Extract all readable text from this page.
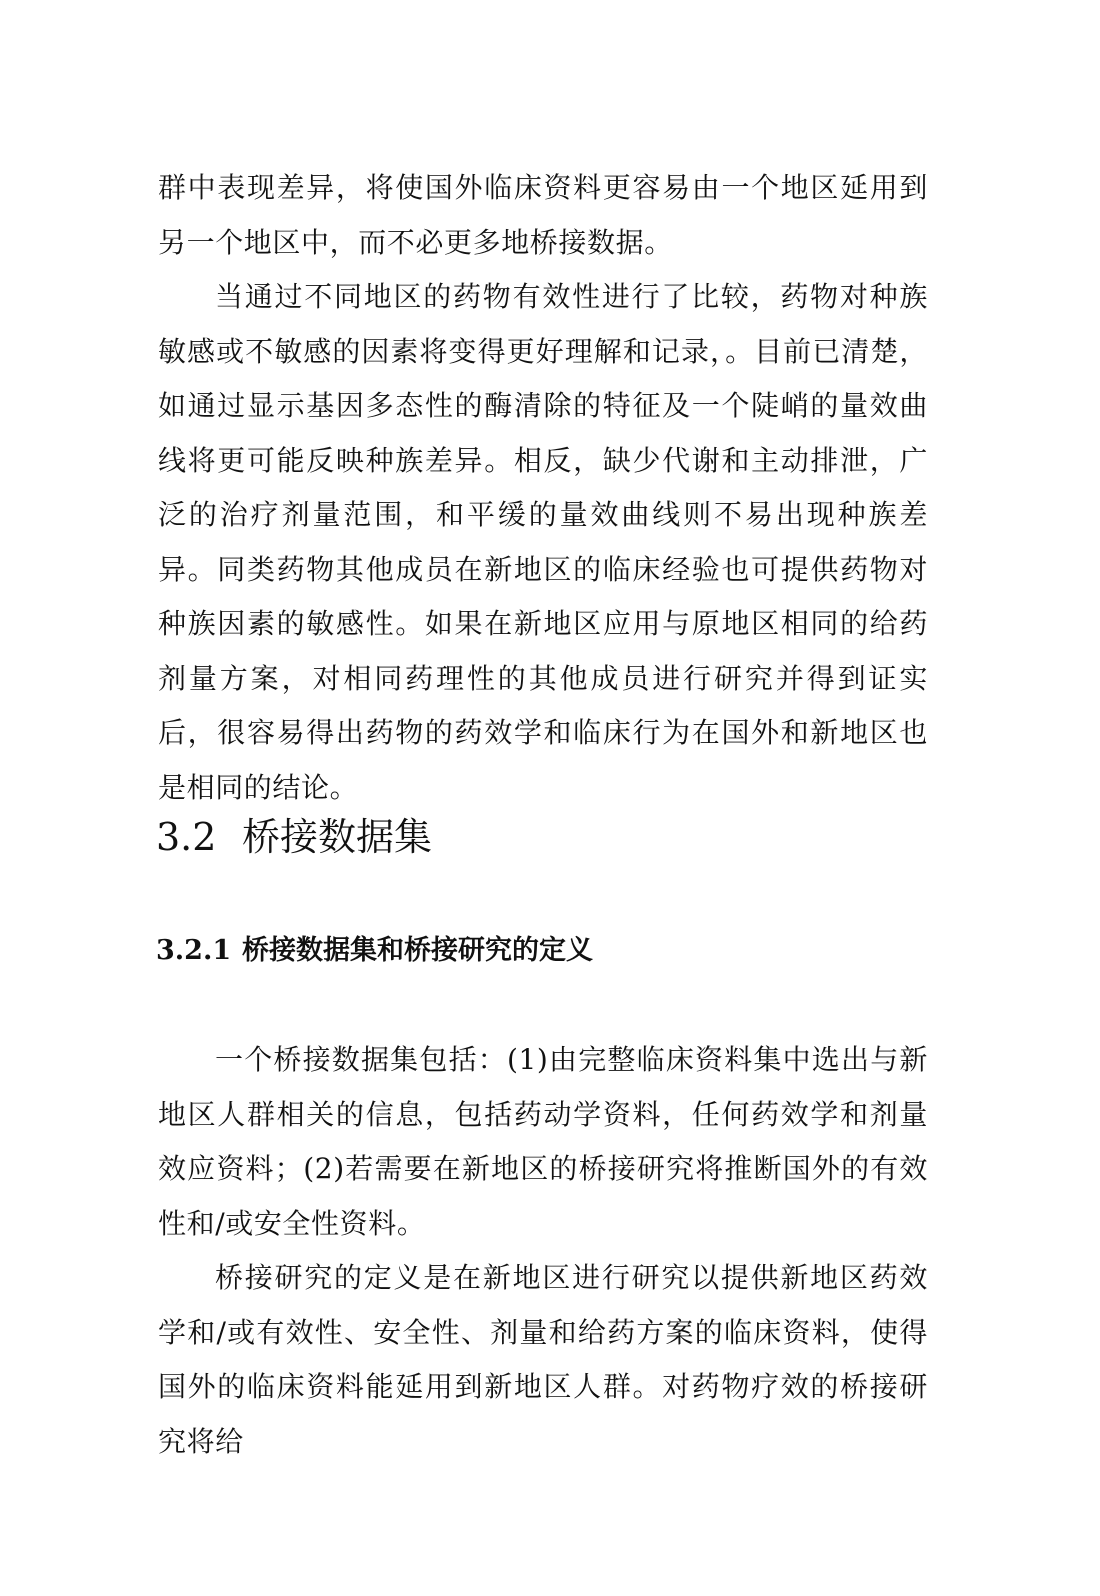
群中表现差异，将使国外临床资料更容易由一个地区延用到另一个地区中，而不必更多地桥接数据。

当通过不同地区的药物有效性进行了比较，药物对种族敏感或不敏感的因素将变得更好理解和记录，。目前已清楚，如通过显示基因多态性的酶清除的特征及一个陡峭的量效曲线将更可能反映种族差异。相反，缺少代谢和主动排泄，广泛的治疗剂量范围，和平缓的量效曲线则不易出现种族差异。同类药物其他成员在新地区的临床经验也可提供药物对种族因素的敏感性。如果在新地区应用与原地区相同的给药剂量方案，对相同药理性的其他成员进行研究并得到证实后，很容易得出药物的药效学和临床行为在国外和新地区也是相同的结论。

3.2 桥接数据集
3.2.1 桥接数据集和桥接研究的定义

一个桥接数据集包括：(1)由完整临床资料集中选出与新地区人群相关的信息，包括药动学资料，任何药效学和剂量效应资料；(2)若需要在新地区的桥接研究将推断国外的有效性和/或安全性资料。

桥接研究的定义是在新地区进行研究以提供新地区药效学和/或有效性、安全性、剂量和给药方案的临床资料，使得国外的临床资料能延用到新地区人群。对药物疗效的桥接研究将给
